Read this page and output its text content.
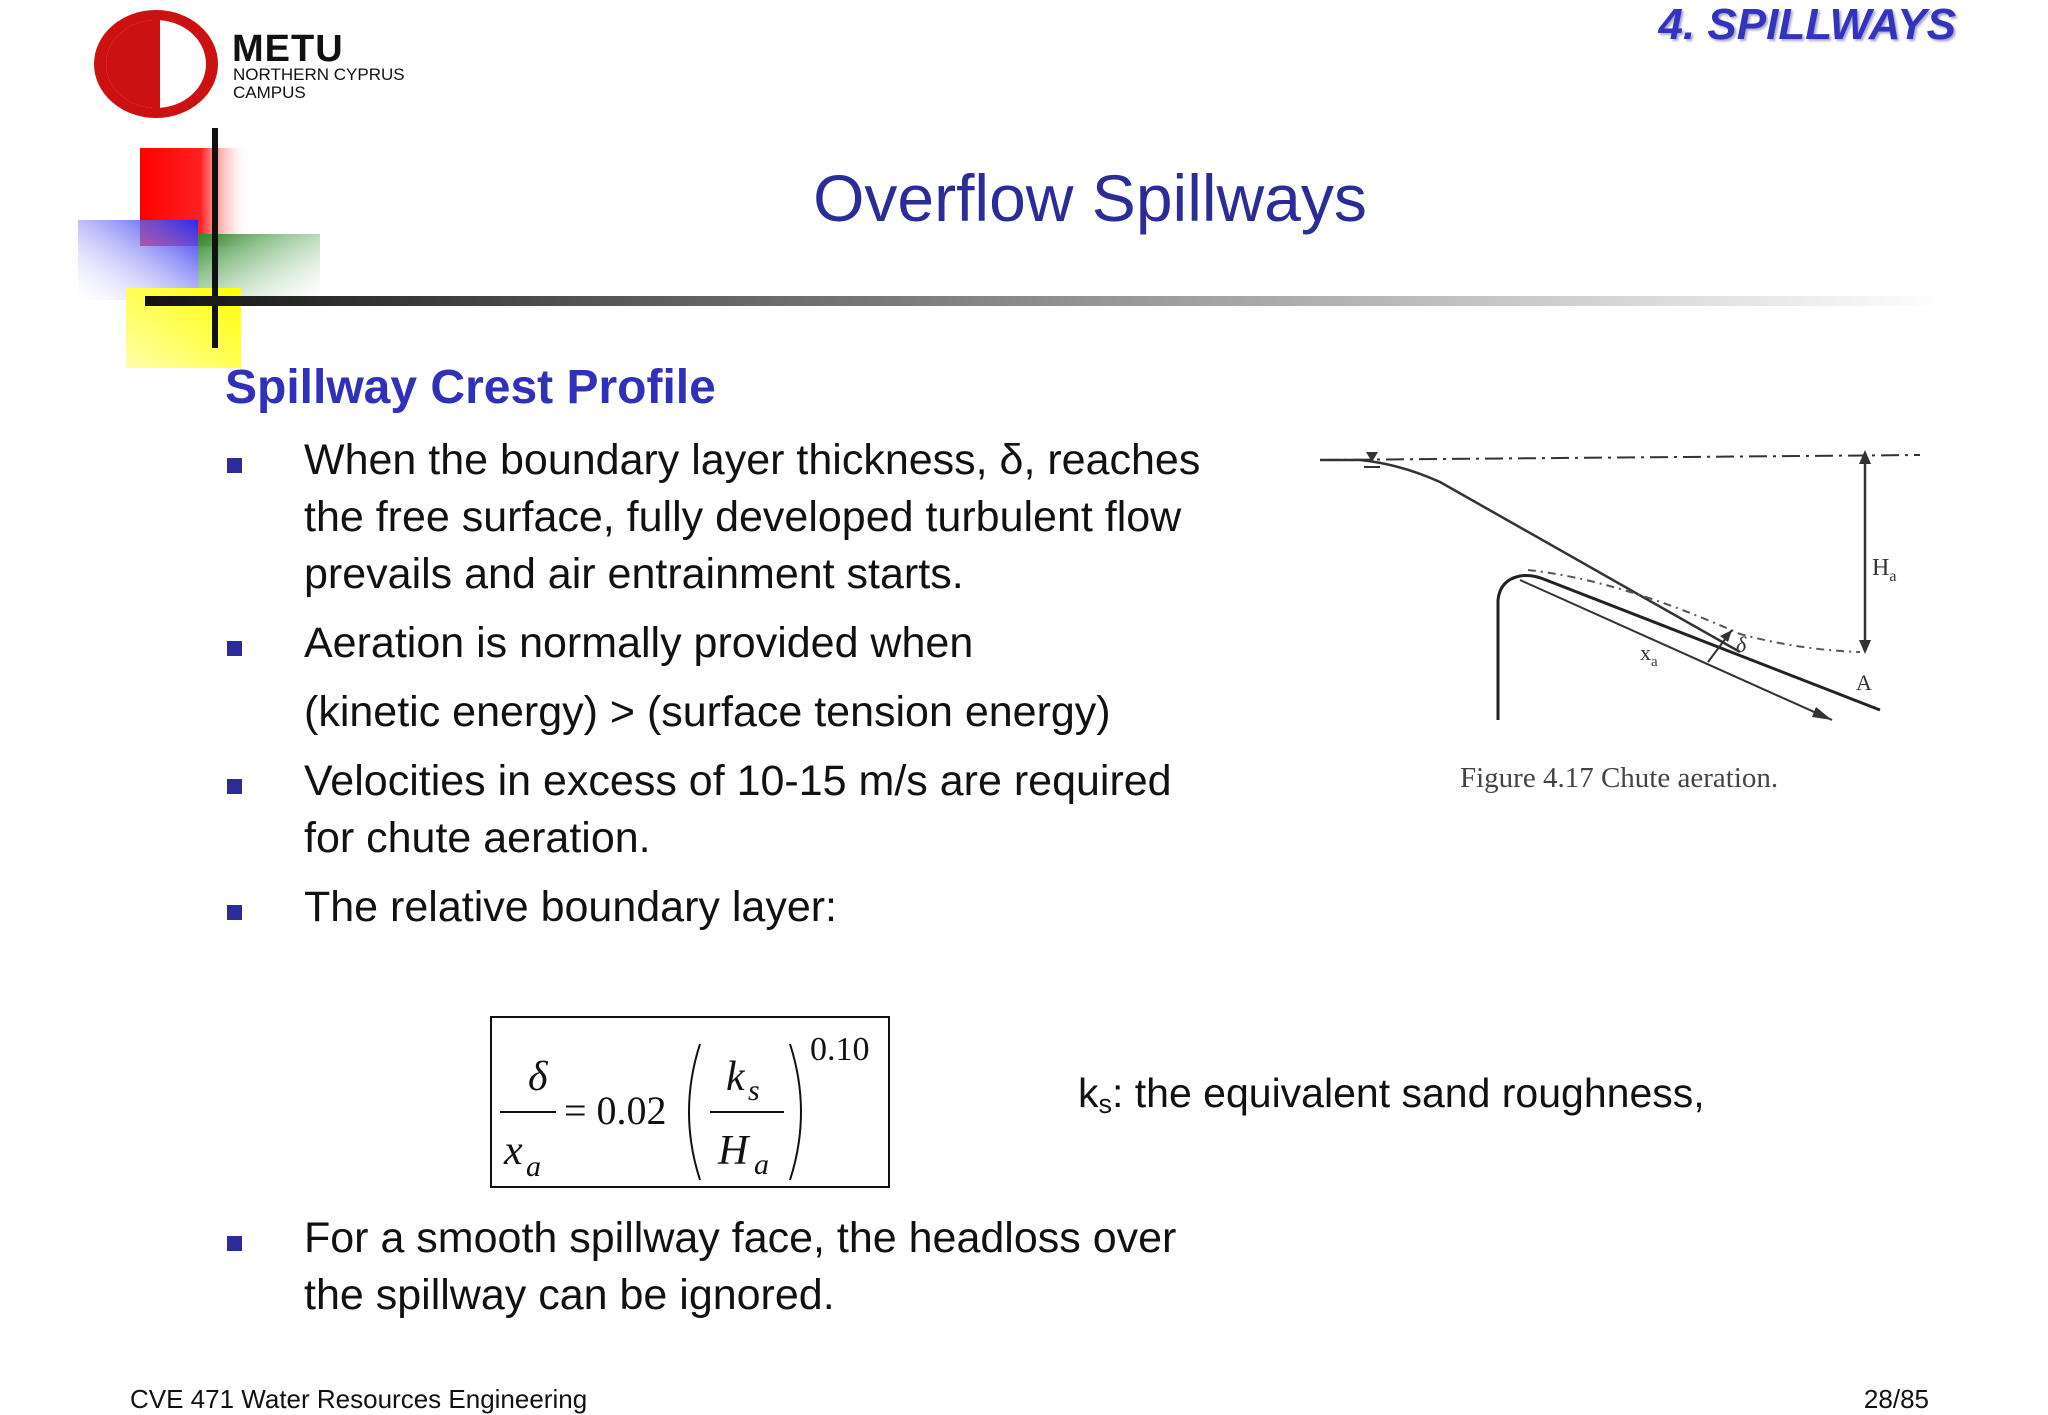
METU
NORTHERN CYPRUS
CAMPUS
4. SPILLWAYS
Overflow Spillways
Spillway Crest Profile
When the boundary layer thickness, δ, reaches the free surface, fully developed turbulent flow prevails and air entrainment starts.
Aeration is normally provided when
(kinetic energy) > (surface tension energy)
Velocities in excess of 10-15 m/s are required for chute aeration.
The relative boundary layer:
δ
x a
= 0.02
k s
H a
0.10
$k_s$: the equivalent sand roughness,
For a smooth spillway face, the headloss over the spillway can be ignored.
$H_a$
$x_a$
δ
A
Figure 4.17 Chute aeration.
CVE 471 Water Resources Engineering	28/85
